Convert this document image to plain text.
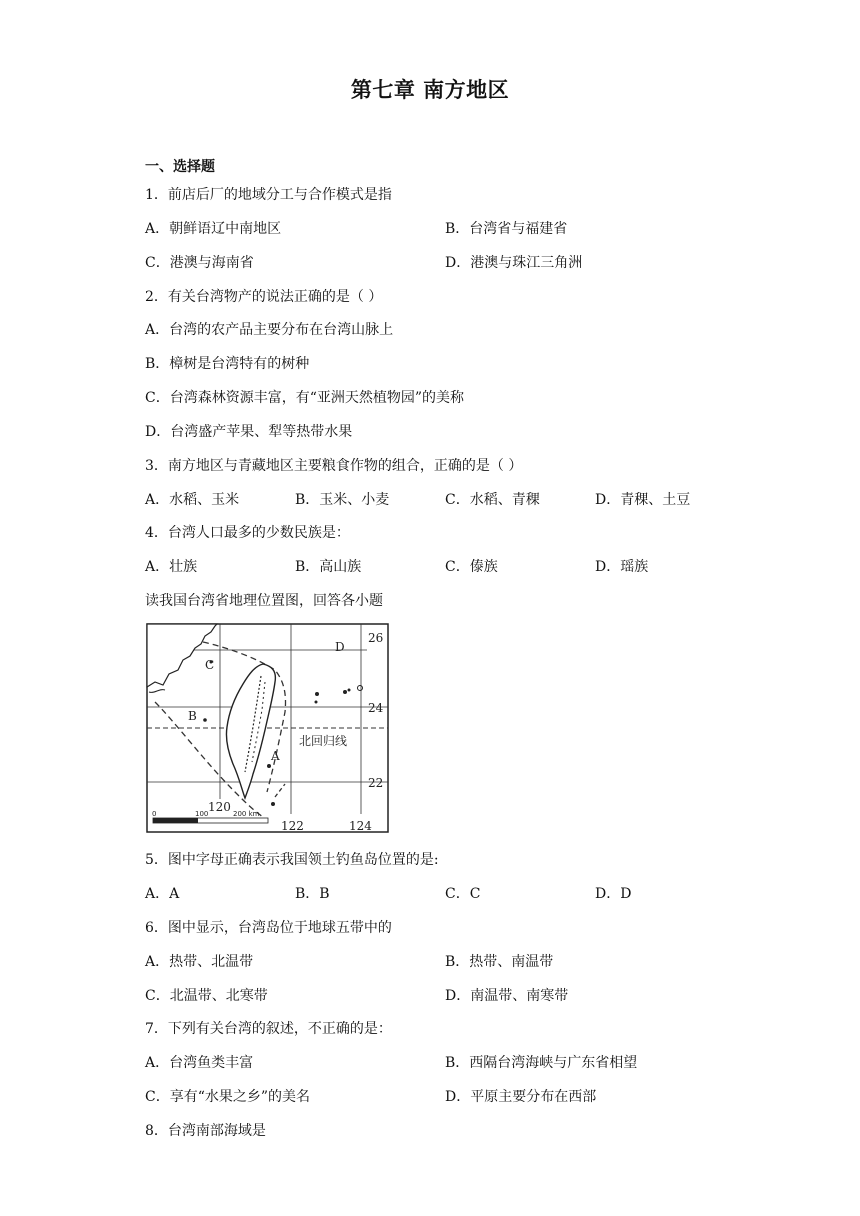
第七章 南方地区
一、选择题
1．前店后厂的地域分工与合作模式是指
A．朝鲜语辽中南地区	B．台湾省与福建省
C．港澳与海南省	D．港澳与珠江三角洲
2．有关台湾物产的说法正确的是（ ）
A．台湾的农产品主要分布在台湾山脉上
B．樟树是台湾特有的树种
C．台湾森林资源丰富，有“亚洲天然植物园”的美称
D．台湾盛产苹果、犁等热带水果
3．南方地区与青藏地区主要粮食作物的组合，正确的是（ ）
A．水稻、玉米	B．玉米、小麦	C．水稻、青稞	D．青稞、土豆
4．台湾人口最多的少数民族是：
A．壮族	B．高山族	C．傣族	D．瑶族
读我国台湾省地理位置图，回答各小题
D
C
B
A
北回归线
26
24
22
120
122	124
0	100	200 km
5．图中字母正确表示我国领土钓鱼岛位置的是:
A．A	B．B	C．C	D．D
6．图中显示，台湾岛位于地球五带中的
A．热带、北温带	B．热带、南温带
C．北温带、北寒带	D．南温带、南寒带
7．下列有关台湾的叙述，不正确的是：
A．台湾鱼类丰富	B．西隔台湾海峡与广东省相望
C．享有“水果之乡”的美名	D．平原主要分布在西部
8．台湾南部海域是
